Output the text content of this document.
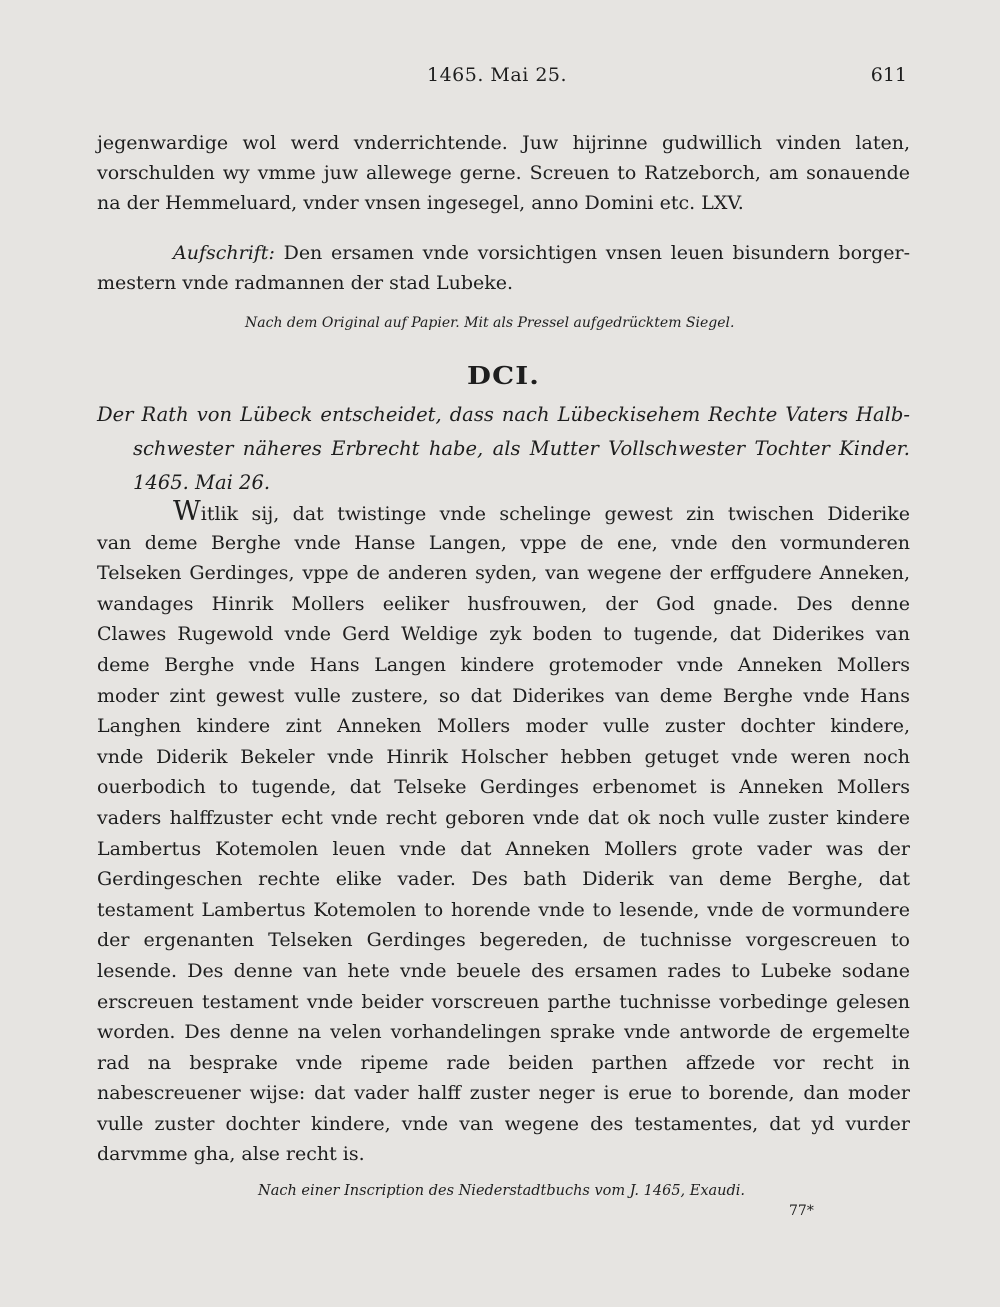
1465. Mai 25.	611
jegenwardige wol werd vnderrichtende. Juw hijrinne gudwillich vinden laten,
vorschulden wy vmme juw allewege gerne. Screuen to Ratzeborch, am sonauende
na der Hemmeluard, vnder vnsen ingesegel, anno Domini etc. LXV.
Aufschrift: Den ersamen vnde vorsichtigen vnsen leuen bisundern borger-
mestern vnde radmannen der stad Lubeke.
Nach dem Original auf Papier. Mit als Pressel aufgedrücktem Siegel.
DCI.
Der Rath von Lübeck entscheidet, dass nach Lübeckisehem Rechte Vaters Halb-
schwester näheres Erbrecht habe, als Mutter Vollschwester Tochter Kinder.
1465. Mai 26.
Witlik sij, dat twistinge vnde schelinge gewest zin twischen Diderike
van deme Berghe vnde Hanse Langen, vppe de ene, vnde den vormunderen
Telseken Gerdinges, vppe de anderen syden, van wegene der erffgudere Anneken,
wandages Hinrik Mollers eeliker husfrouwen, der God gnade. Des denne
Clawes Rugewold vnde Gerd Weldige zyk boden to tugende, dat Diderikes van
deme Berghe vnde Hans Langen kindere grotemoder vnde Anneken Mollers
moder zint gewest vulle zustere, so dat Diderikes van deme Berghe vnde Hans
Langhen kindere zint Anneken Mollers moder vulle zuster dochter kindere,
vnde Diderik Bekeler vnde Hinrik Holscher hebben getuget vnde weren noch
ouerbodich to tugende, dat Telseke Gerdinges erbenomet is Anneken Mollers
vaders halffzuster echt vnde recht geboren vnde dat ok noch vulle zuster kindere
Lambertus Kotemolen leuen vnde dat Anneken Mollers grote vader was der
Gerdingeschen rechte elike vader. Des bath Diderik van deme Berghe, dat
testament Lambertus Kotemolen to horende vnde to lesende, vnde de vormundere
der ergenanten Telseken Gerdinges begereden, de tuchnisse vorgescreuen to
lesende. Des denne van hete vnde beuele des ersamen rades to Lubeke sodane
erscreuen testament vnde beider vorscreuen parthe tuchnisse vorbedinge gelesen
worden. Des denne na velen vorhandelingen sprake vnde antworde de ergemelte
rad na besprake vnde ripeme rade beiden parthen affzede vor recht in
nabescreuener wijse: dat vader halff zuster neger is erue to borende, dan moder
vulle zuster dochter kindere, vnde van wegene des testamentes, dat yd vurder
darvmme gha, alse recht is.
Nach einer Inscription des Niederstadtbuchs vom J. 1465, Exaudi.
77*
